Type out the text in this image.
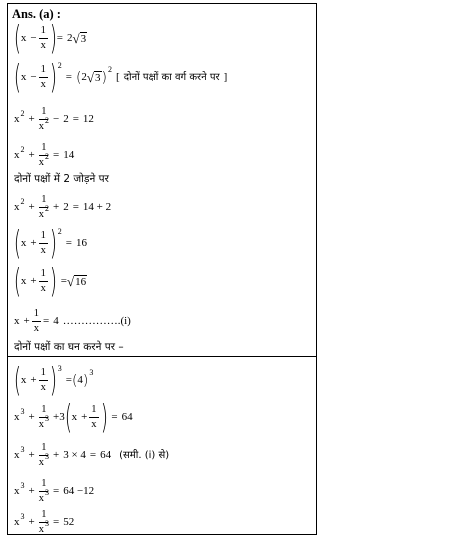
Ans. (a) :
( $x - \frac{1}{x}$ ) = 2 √ 3
( $x - \frac{1}{x}$ ) 2
= ( 2 √ 3 )
2
[ दोनों पक्षों का वर्ग करने पर ]
x $2 + \frac{1}{x^2} - 2 = 12$
x $2 + \frac{1}{x^2} = 14$
दोनों पक्षों में 2 जोड़ने पर
x $2 + \frac{1}{x^2} + 2 = 14 + 2$
( $x + \frac{1}{x}$ ) 2
= 16
( $x + \frac{1}{x}$ ) = √ 16
$x + \frac{1}{x} = 4$ ……………. (i)
दोनों पक्षों का घन करने पर –
( $x + \frac{1}{x}$ ) 3
= ( 4 )
3
x $3 + \frac{1}{x^3} + 3$ ( $x + \frac{1}{x}$ ) = 64
x $3 + \frac{1}{x^3} + 3 \times 4 = 64$ (समी. (i) से)
x $3 + \frac{1}{x^3} = 64 -12$
x $3 + \frac{1}{x^3} = 52$
